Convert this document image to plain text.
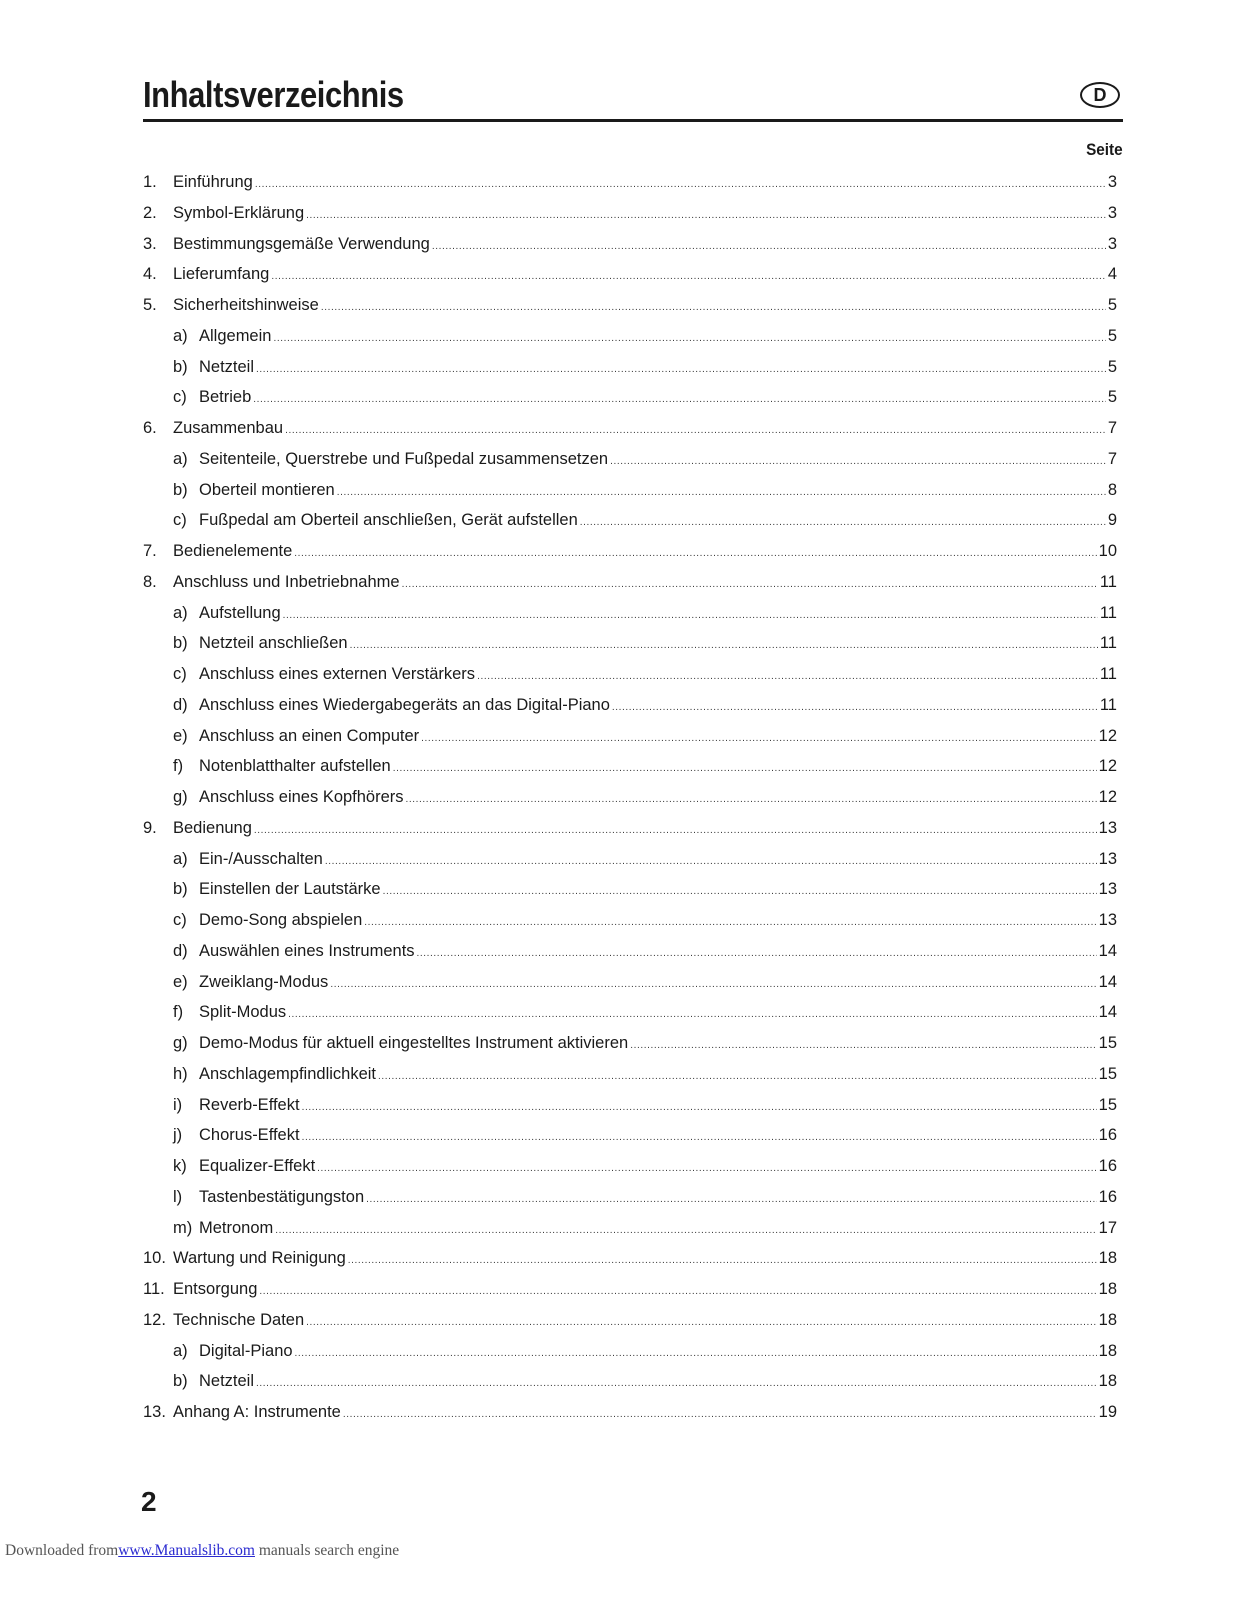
Inhaltsverzeichnis	D
Seite
1. Einführung .....	3
2. Symbol-Erklärung .....	3
3. Bestimmungsgemäße Verwendung .....	3
4. Lieferumfang .....	4
5. Sicherheitshinweise .....	5
a) Allgemein .....	5
b) Netzteil .....	5
c) Betrieb .....	5
6. Zusammenbau .....	7
a) Seitenteile, Querstrebe und Fußpedal zusammensetzen .....	7
b) Oberteil montieren .....	8
c) Fußpedal am Oberteil anschließen, Gerät aufstellen .....	9
7. Bedienelemente .....	10
8. Anschluss und Inbetriebnahme .....	11
a) Aufstellung .....	11
b) Netzteil anschließen .....	11
c) Anschluss eines externen Verstärkers .....	11
d) Anschluss eines Wiedergabegeräts an das Digital-Piano .....	11
e) Anschluss an einen Computer .....	12
f) Notenblatthalter aufstellen .....	12
g) Anschluss eines Kopfhörers .....	12
9. Bedienung .....	13
a) Ein-/Ausschalten .....	13
b) Einstellen der Lautstärke .....	13
c) Demo-Song abspielen .....	13
d) Auswählen eines Instruments .....	14
e) Zweiklang-Modus .....	14
f) Split-Modus .....	14
g) Demo-Modus für aktuell eingestelltes Instrument aktivieren .....	15
h) Anschlagempfindlichkeit .....	15
i)	Reverb-Effekt .....	15
j)	Chorus-Effekt .....	16
k) Equalizer-Effekt .....	16
l)	Tastenbestätigungston .....	16
m) Metronom .....	17
10. Wartung und Reinigung .....	18
11. Entsorgung .....	18
12. Technische Daten .....	18
a) Digital-Piano .....	18
b) Netzteil .....	18
13. Anhang A: Instrumente .....	19
2
Downloaded fromwww.Manualslib.com manuals search engine
